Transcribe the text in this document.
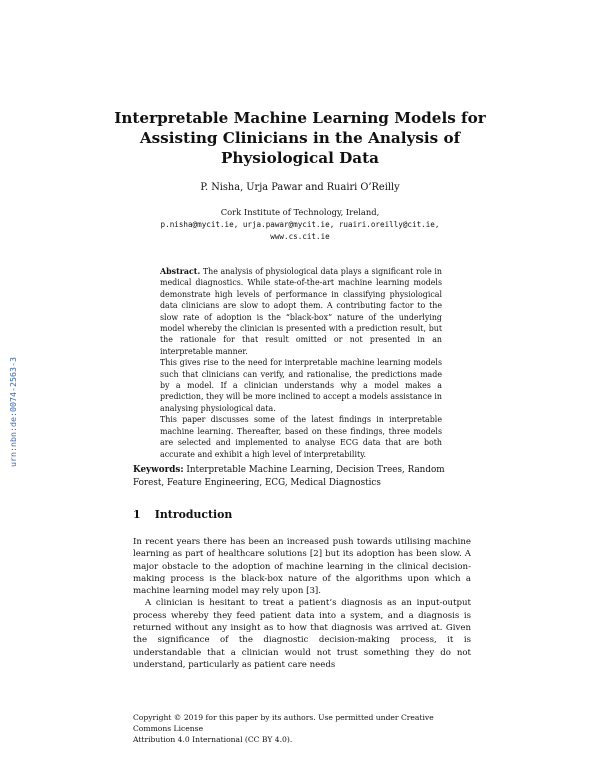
Interpretable Machine Learning Models for
Assisting Clinicians in the Analysis of
Physiological Data
P. Nisha, Urja Pawar and Ruairi O’Reilly
Cork Institute of Technology, Ireland,
p.nisha@mycit.ie, urja.pawar@mycit.ie, ruairi.oreilly@cit.ie,
www.cs.cit.ie

Abstract. The analysis of physiological data plays a significant role in medical diagnostics. While state-of-the-art machine learning models demonstrate high levels of performance in classifying physiological data clinicians are slow to adopt them. A contributing factor to the slow rate of adoption is the “black-box” nature of the underlying model whereby the clinician is presented with a prediction result, but the rationale for that result omitted or not presented in an interpretable manner.

This gives rise to the need for interpretable machine learning models such that clinicians can verify, and rationalise, the predictions made by a model. If a clinician understands why a model makes a prediction, they will be more inclined to accept a models assistance in analysing physiological data.

This paper discusses some of the latest findings in interpretable machine learning. Thereafter, based on these findings, three models are selected and implemented to analyse ECG data that are both accurate and exhibit a high level of interpretability.

Keywords: Interpretable Machine Learning, Decision Trees, Random Forest, Feature Engineering, ECG, Medical Diagnostics
1 Introduction

In recent years there has been an increased push towards utilising machine learning as part of healthcare solutions [2] but its adoption has been slow. A major obstacle to the adoption of machine learning in the clinical decision-making process is the black-box nature of the algorithms upon which a machine learning model may rely upon [3].

A clinician is hesitant to treat a patient’s diagnosis as an input-output process whereby they feed patient data into a system, and a diagnosis is returned without any insight as to how that diagnosis was arrived at. Given the significance of the diagnostic decision-making process, it is understandable that a clinician would not trust something they do not understand, particularly as patient care needs

Copyright © 2019 for this paper by its authors. Use permitted under Creative Commons License
Attribution 4.0 International (CC BY 4.0).
urn:nbn:de:0074-2563-3
